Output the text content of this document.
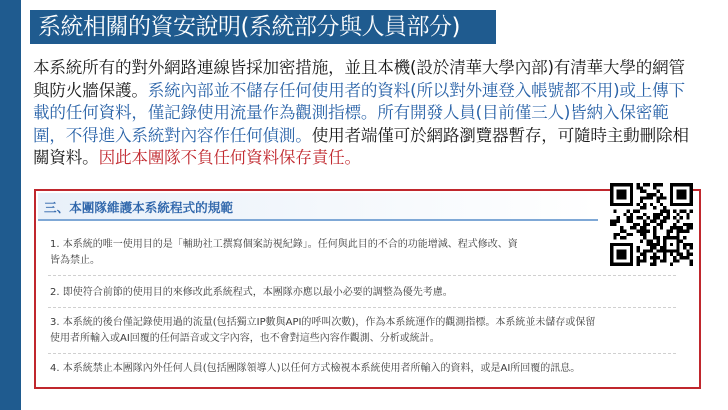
系統相關的資安說明(系統部分與人員部分)
本系統所有的對外網路連線皆採加密措施，並且本機(設於清華大學內部)有清華大學的網管與防火牆保護。系統內部並不儲存任何使用者的資料(所以對外連登入帳號都不用)或上傳下載的任何資料，僅記錄使用流量作為觀測指標。所有開發人員(目前僅三人)皆納入保密範圍，不得進入系統對內容作任何偵測。使用者端僅可於網路瀏覽器暫存，可隨時主動刪除相關資料。因此本團隊不負任何資料保存責任。
三、本團隊維護本系統程式的規範
1. 本系統的唯一使用目的是「輔助社工撰寫個案訪視紀錄」。任何與此目的不合的功能增減、程式修改、資
皆為禁止。
2. 即使符合前節的使用目的來修改此系統程式，本團隊亦應以最小必要的調整為優先考慮。
3. 本系統的後台僅記錄使用過的流量(包括獨立IP數與API的呼叫次數)，作為本系統運作的觀測指標。本系統並未儲存或保留
使用者所輸入或AI回覆的任何語音或文字內容，也不會對這些內容作觀測、分析或統計。
4. 本系統禁止本團隊內外任何人員(包括團隊領導人)以任何方式檢視本系統使用者所輸入的資料，或是AI所回覆的訊息。
